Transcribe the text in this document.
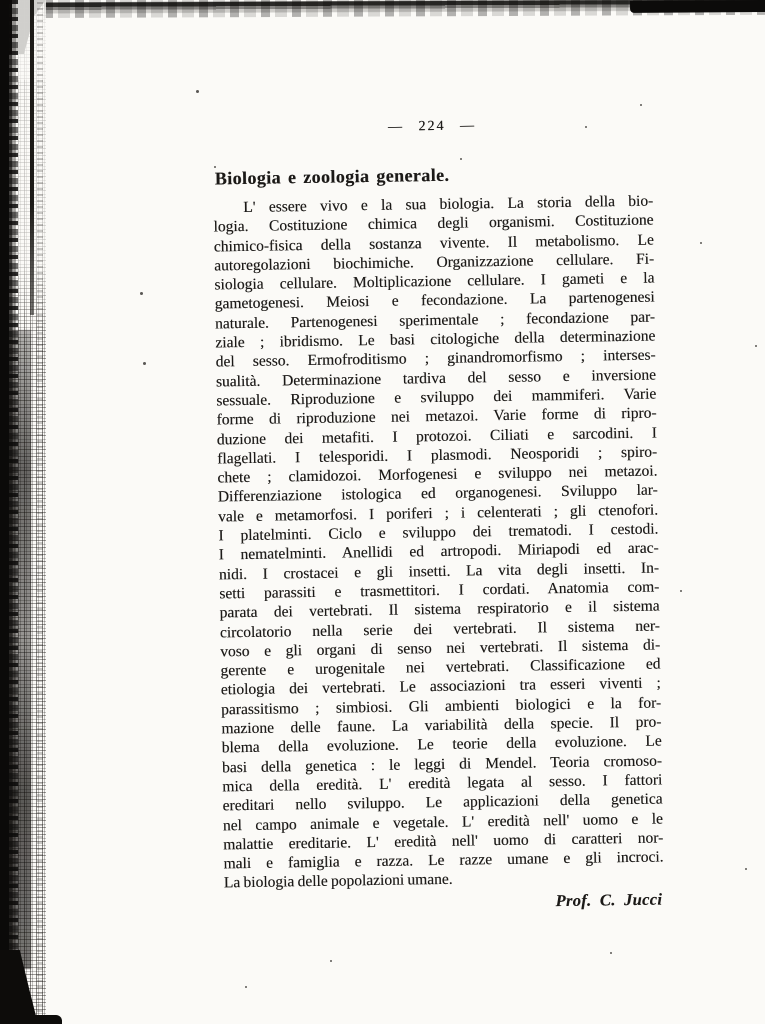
— 224 —
Biologia e zoologia generale.
L' essere vivo e la sua biologia. La storia della bio-
logia. Costituzione chimica degli organismi. Costituzione
chimico-fisica della sostanza vivente. Il metabolismo. Le
autoregolazioni biochimiche. Organizzazione cellulare. Fi-
siologia cellulare. Moltiplicazione cellulare. I gameti e la
gametogenesi. Meiosi e fecondazione. La partenogenesi
naturale. Partenogenesi sperimentale ; fecondazione par-
ziale ; ibridismo. Le basi citologiche della determinazione
del sesso. Ermofroditismo ; ginandromorfismo ; interses-
sualità. Determinazione tardiva del sesso e inversione
sessuale. Riproduzione e sviluppo dei mammiferi. Varie
forme di riproduzione nei metazoi. Varie forme di ripro-
duzione dei metafiti. I protozoi. Ciliati e sarcodini. I
flagellati. I telesporidi. I plasmodi. Neosporidi ; spiro-
chete ; clamidozoi. Morfogenesi e sviluppo nei metazoi.
Differenziazione istologica ed organogenesi. Sviluppo lar-
vale e metamorfosi. I poriferi ; i celenterati ; gli ctenofori.
I platelminti. Ciclo e sviluppo dei trematodi. I cestodi.
I nematelminti. Anellidi ed artropodi. Miriapodi ed arac-
nidi. I crostacei e gli insetti. La vita degli insetti. In-
setti parassiti e trasmettitori. I cordati. Anatomia com-
parata dei vertebrati. Il sistema respiratorio e il sistema
circolatorio nella serie dei vertebrati. Il sistema ner-
voso e gli organi di senso nei vertebrati. Il sistema di-
gerente e urogenitale nei vertebrati. Classificazione ed
etiologia dei vertebrati. Le associazioni tra esseri viventi ;
parassitismo ; simbiosi. Gli ambienti biologici e la for-
mazione delle faune. La variabilità della specie. Il pro-
blema della evoluzione. Le teorie della evoluzione. Le
basi della genetica : le leggi di Mendel. Teoria cromoso-
mica della eredità. L' eredità legata al sesso. I fattori
ereditari nello sviluppo. Le applicazioni della genetica
nel campo animale e vegetale. L' eredità nell' uomo e le
malattie ereditarie. L' eredità nell' uomo di caratteri nor-
mali e famiglia e razza. Le razze umane e gli incroci.
La biologia delle popolazioni umane.
Prof. C. Jucci
